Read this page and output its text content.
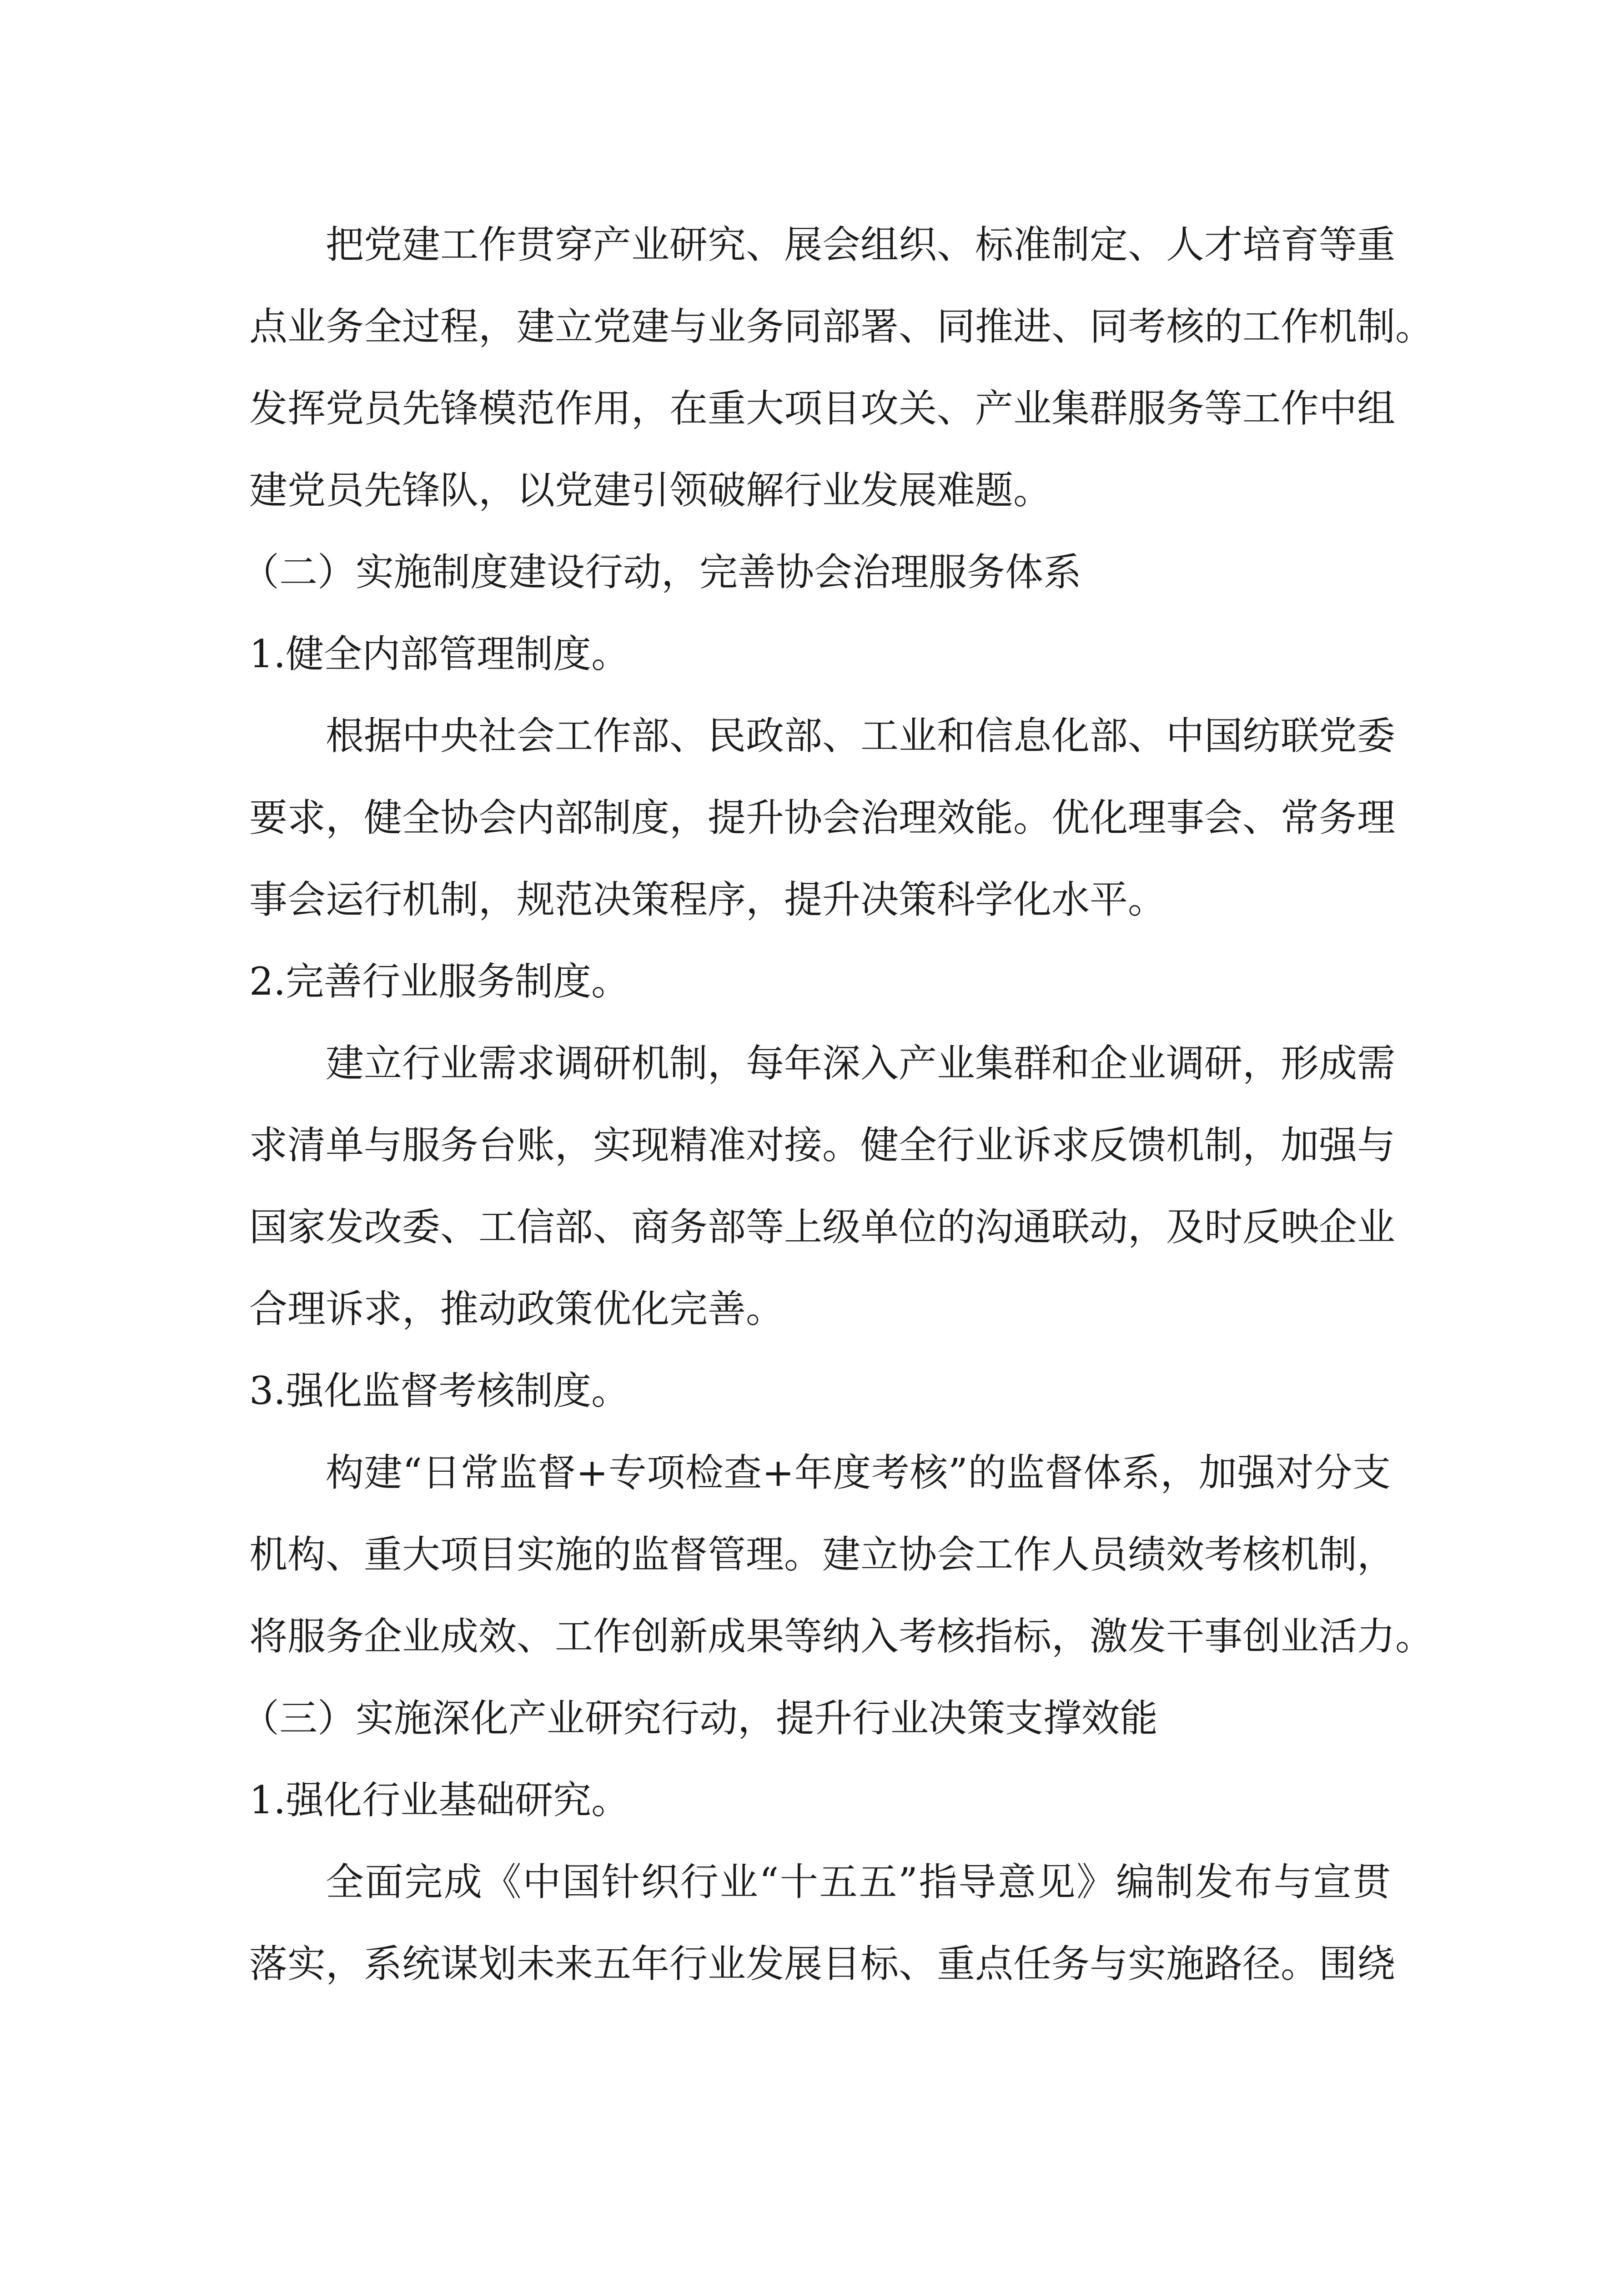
把党建工作贯穿产业研究、展会组织、标准制定、人才培育等重
点业务全过程，建立党建与业务同部署、同推进、同考核的工作机制。
发挥党员先锋模范作用，在重大项目攻关、产业集群服务等工作中组
建党员先锋队，以党建引领破解行业发展难题。
（二）实施制度建设行动，完善协会治理服务体系
1.健全内部管理制度。
根据中央社会工作部、民政部、工业和信息化部、中国纺联党委
要求，健全协会内部制度，提升协会治理效能。优化理事会、常务理
事会运行机制，规范决策程序，提升决策科学化水平。
2.完善行业服务制度。
建立行业需求调研机制，每年深入产业集群和企业调研，形成需
求清单与服务台账，实现精准对接。健全行业诉求反馈机制，加强与
国家发改委、工信部、商务部等上级单位的沟通联动，及时反映企业
合理诉求，推动政策优化完善。
3.强化监督考核制度。
构建“日常监督+专项检查+年度考核”的监督体系，加强对分支
机构、重大项目实施的监督管理。建立协会工作人员绩效考核机制，
将服务企业成效、工作创新成果等纳入考核指标，激发干事创业活力。
（三）实施深化产业研究行动，提升行业决策支撑效能
1.强化行业基础研究。
全面完成《中国针织行业“十五五”指导意见》编制发布与宣贯
落实，系统谋划未来五年行业发展目标、重点任务与实施路径。围绕
